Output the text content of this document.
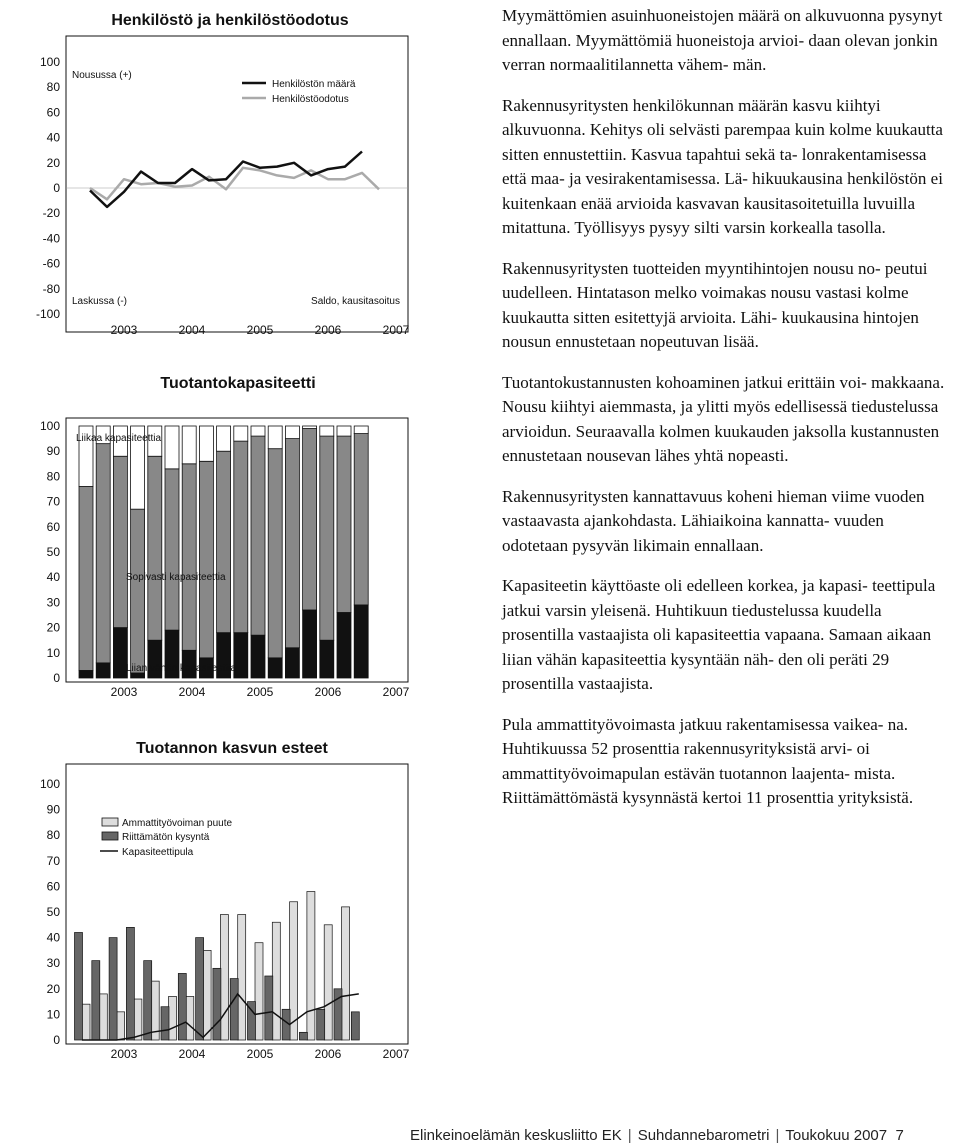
Henkilöstö ja henkilöstöodotus
Nousussa (+)
Laskussa (-)	Saldo, kausitasoitus
Henkilöstön määrä
Henkilöstöodotus
100
80
60
40
20
0
-20
-40
-60
-80
-100
2003	2004	2005	2006	2007
Tuotantokapasiteetti
100
90
80
70
60
50
40
30
20
10
0
2003	2004	2005	2006	2007
Liikaa kapasiteettia
Sopivasti kapasiteettia
Liian vähän kapasiteettia
Tuotannon kasvun esteet
Ammattityövoiman puute
Riittämätön kysyntä
Kapasiteettipula
100
90
80
70
60
50
40
30
20
10
0
2003	2004	2005	2006	2007

Myymättömien asuinhuoneistojen määrä on alkuvuonna pysynyt ennallaan. Myymättömiä huoneistoja arvioi- daan olevan jonkin verran normaalitilannetta vähem- män.

Rakennusyritysten henkilökunnan määrän kasvu kiihtyi alkuvuonna. Kehitys oli selvästi parempaa kuin kolme kuukautta sitten ennustettiin. Kasvua tapahtui sekä ta- lonrakentamisessa että maa- ja vesirakentamisessa. Lä- hikuukausina henkilöstön ei kuitenkaan enää arvioida kasvavan kausitasoitetuilla luvuilla mitattuna. Työllisyys pysyy silti varsin korkealla tasolla.

Rakennusyritysten tuotteiden myyntihintojen nousu no- peutui uudelleen. Hintatason melko voimakas nousu vastasi kolme kuukautta sitten esitettyjä arvioita. Lähi- kuukausina hintojen nousun ennustetaan nopeutuvan lisää.

Tuotantokustannusten kohoaminen jatkui erittäin voi- makkaana. Nousu kiihtyi aiemmasta, ja ylitti myös edellisessä tiedustelussa arvioidun. Seuraavalla kolmen kuukauden jaksolla kustannusten ennustetaan nousevan lähes yhtä nopeasti.

Rakennusyritysten kannattavuus koheni hieman viime vuoden vastaavasta ajankohdasta. Lähiaikoina kannatta- vuuden odotetaan pysyvän likimain ennallaan.

Kapasiteetin käyttöaste oli edelleen korkea, ja kapasi- teettipula jatkui varsin yleisenä. Huhtikuun tiedustelussa kuudella prosentilla vastaajista oli kapasiteettia vapaana. Samaan aikaan liian vähän kapasiteettia kysyntään näh- den oli peräti 29 prosentilla vastaajista.

Pula ammattityövoimasta jatkuu rakentamisessa vaikea- na. Huhtikuussa 52 prosenttia rakennusyrityksistä arvi- oi ammattityövoimapulan estävän tuotannon laajenta- mista. Riittämättömästä kysynnästä kertoi 11 prosenttia yrityksistä.

Elinkeinoelämän keskusliitto EK | Suhdannebarometri | Toukokuu 2007 7
